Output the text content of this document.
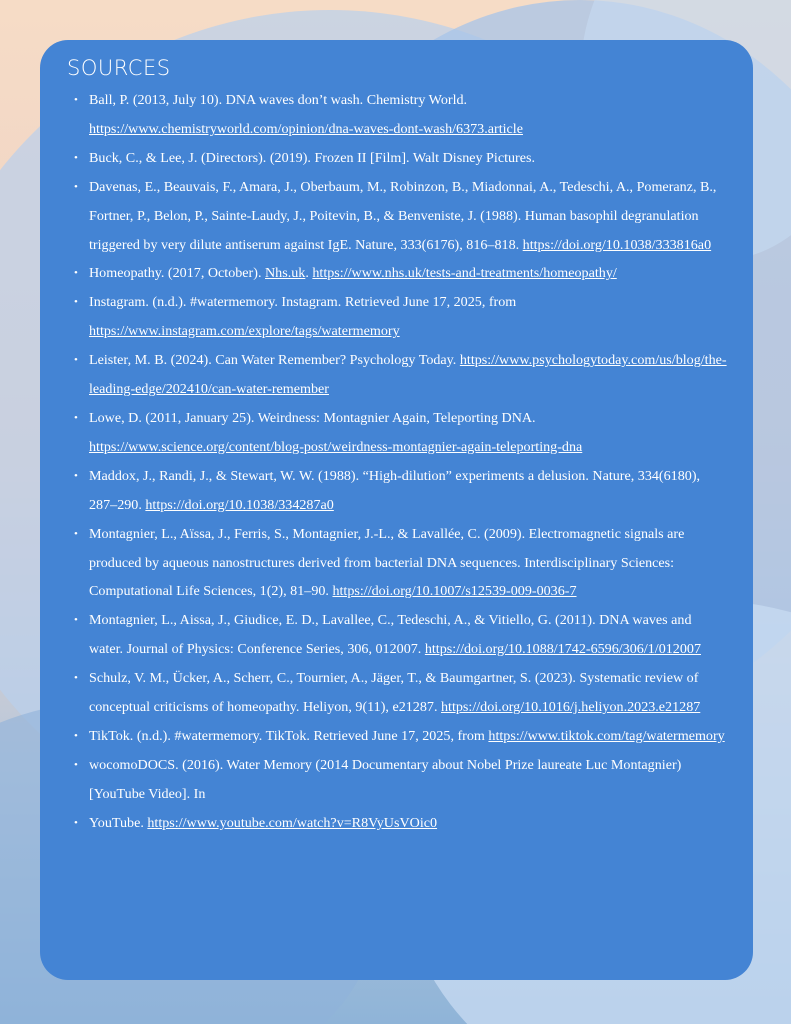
SOURCES
• Ball, P. (2013, July 10). DNA waves don’t wash. Chemistry World. https://www.chemistryworld.com/opinion/dna-waves-dont-wash/6373.article
• Buck, C., & Lee, J. (Directors). (2019). Frozen II [Film]. Walt Disney Pictures.
• Davenas, E., Beauvais, F., Amara, J., Oberbaum, M., Robinzon, B., Miadonnai, A., Tedeschi, A., Pomeranz, B., Fortner, P., Belon, P., Sainte-Laudy, J., Poitevin, B., & Benveniste, J. (1988). Human basophil degranulation triggered by very dilute antiserum against IgE. Nature, 333(6176), 816–818. https://doi.org/10.1038/333816a0
• Homeopathy. (2017, October). Nhs.uk. https://www.nhs.uk/tests-and-treatments/homeopathy/
• Instagram. (n.d.). #watermemory. Instagram. Retrieved June 17, 2025, from https://www.instagram.com/explore/tags/watermemory
• Leister, M. B. (2024). Can Water Remember? Psychology Today. https://www.psychologytoday.com/us/blog/the-leading-edge/202410/can-water-remember
• Lowe, D. (2011, January 25). Weirdness: Montagnier Again, Teleporting DNA. https://www.science.org/content/blog-post/weirdness-montagnier-again-teleporting-dna
• Maddox, J., Randi, J., & Stewart, W. W. (1988). “High-dilution” experiments a delusion. Nature, 334(6180), 287–290. https://doi.org/10.1038/334287a0
• Montagnier, L., Aïssa, J., Ferris, S., Montagnier, J.-L., & Lavallée, C. (2009). Electromagnetic signals are produced by aqueous nanostructures derived from bacterial DNA sequences. Interdisciplinary Sciences: Computational Life Sciences, 1(2), 81–90. https://doi.org/10.1007/s12539-009-0036-7
• Montagnier, L., Aissa, J., Giudice, E. D., Lavallee, C., Tedeschi, A., & Vitiello, G. (2011). DNA waves and water. Journal of Physics: Conference Series, 306, 012007. https://doi.org/10.1088/1742-6596/306/1/012007
• Schulz, V. M., Ücker, A., Scherr, C., Tournier, A., Jäger, T., & Baumgartner, S. (2023). Systematic review of conceptual criticisms of homeopathy. Heliyon, 9(11), e21287. https://doi.org/10.1016/j.heliyon.2023.e21287
• TikTok. (n.d.). #watermemory. TikTok. Retrieved June 17, 2025, from https://www.tiktok.com/tag/watermemory
• wocomoDOCS. (2016). Water Memory (2014 Documentary about Nobel Prize laureate Luc Montagnier) [YouTube Video]. In
• YouTube. https://www.youtube.com/watch?v=R8VyUsVOic0
